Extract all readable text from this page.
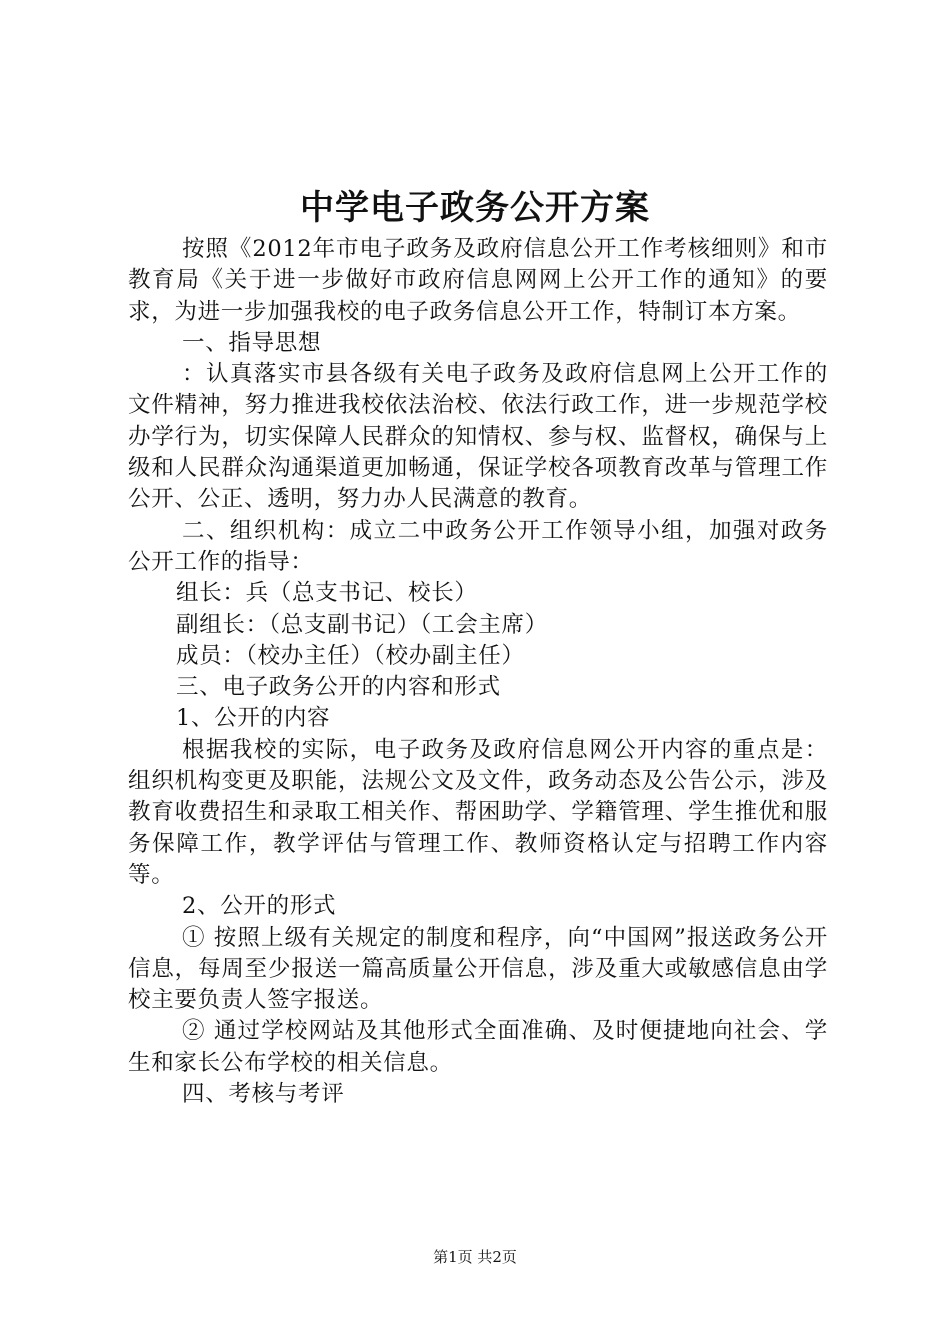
中学电子政务公开方案

按照《2012年市电子政务及政府信息公开工作考核细则》和市教育局《关于进一步做好市政府信息网网上公开工作的通知》的要求，为进一步加强我校的电子政务信息公开工作，特制订本方案。

一、指导思想

：认真落实市县各级有关电子政务及政府信息网上公开工作的文件精神，努力推进我校依法治校、依法行政工作，进一步规范学校办学行为，切实保障人民群众的知情权、参与权、监督权，确保与上级和人民群众沟通渠道更加畅通，保证学校各项教育改革与管理工作公开、公正、透明，努力办人民满意的教育。

二、组织机构：成立二中政务公开工作领导小组，加强对政务公开工作的指导：

组长：兵（总支书记、校长）

副组长：（总支副书记）（工会主席）

成员：（校办主任）（校办副主任）

三、电子政务公开的内容和形式

1、公开的内容

根据我校的实际，电子政务及政府信息网公开内容的重点是：组织机构变更及职能，法规公文及文件，政务动态及公告公示，涉及教育收费招生和录取工相关作、帮困助学、学籍管理、学生推优和服务保障工作，教学评估与管理工作、教师资格认定与招聘工作内容等。

2、公开的形式

① 按照上级有关规定的制度和程序，向“中国网”报送政务公开信息，每周至少报送一篇高质量公开信息，涉及重大或敏感信息由学校主要负责人签字报送。

② 通过学校网站及其他形式全面准确、及时便捷地向社会、学生和家长公布学校的相关信息。

四、考核与考评

第1页 共2页
